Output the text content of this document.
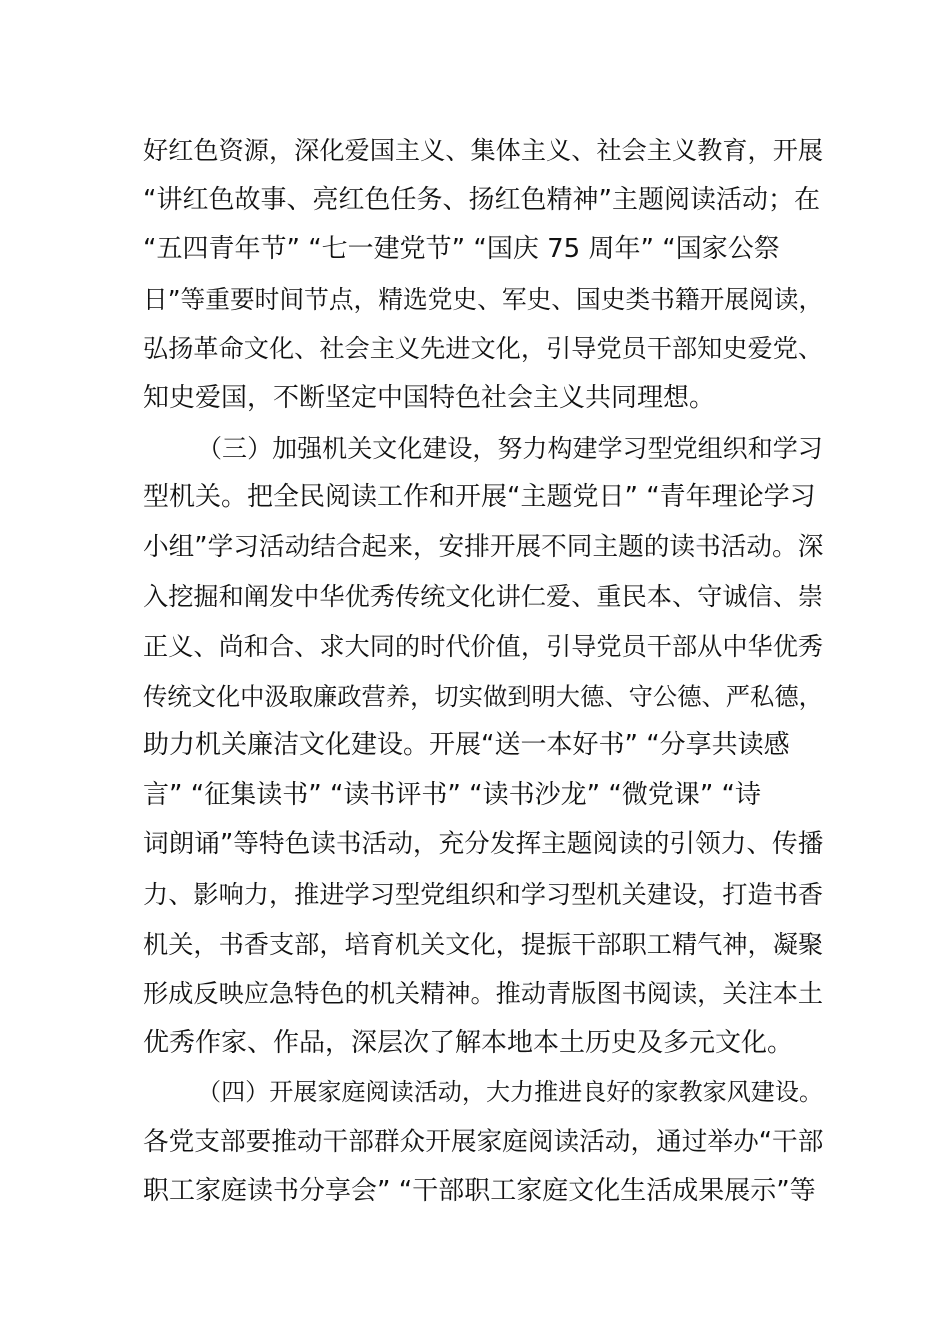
好红色资源，深化爱国主义、集体主义、社会主义教育，开展
“讲红色故事、亮红色任务、扬红色精神”主题阅读活动；在
“五四青年节” “七一建党节” “国庆 75 周年” “国家公祭
日”等重要时间节点，精选党史、军史、国史类书籍开展阅读，
弘扬革命文化、社会主义先进文化，引导党员干部知史爱党、
知史爱国，不断坚定中国特色社会主义共同理想。
（三）加强机关文化建设，努力构建学习型党组织和学习
型机关。把全民阅读工作和开展“主题党日” “青年理论学习
小组”学习活动结合起来，安排开展不同主题的读书活动。深
入挖掘和阐发中华优秀传统文化讲仁爱、重民本、守诚信、崇
正义、尚和合、求大同的时代价值，引导党员干部从中华优秀
传统文化中汲取廉政营养，切实做到明大德、守公德、严私德，
助力机关廉洁文化建设。开展“送一本好书” “分享共读感
言” “征集读书” “读书评书” “读书沙龙” “微党课” “诗
词朗诵”等特色读书活动，充分发挥主题阅读的引领力、传播
力、影响力，推进学习型党组织和学习型机关建设，打造书香
机关，书香支部，培育机关文化，提振干部职工精气神，凝聚
形成反映应急特色的机关精神。推动青版图书阅读，关注本土
优秀作家、作品，深层次了解本地本土历史及多元文化。
（四）开展家庭阅读活动，大力推进良好的家教家风建设。
各党支部要推动干部群众开展家庭阅读活动，通过举办“干部
职工家庭读书分享会” “干部职工家庭文化生活成果展示”等
